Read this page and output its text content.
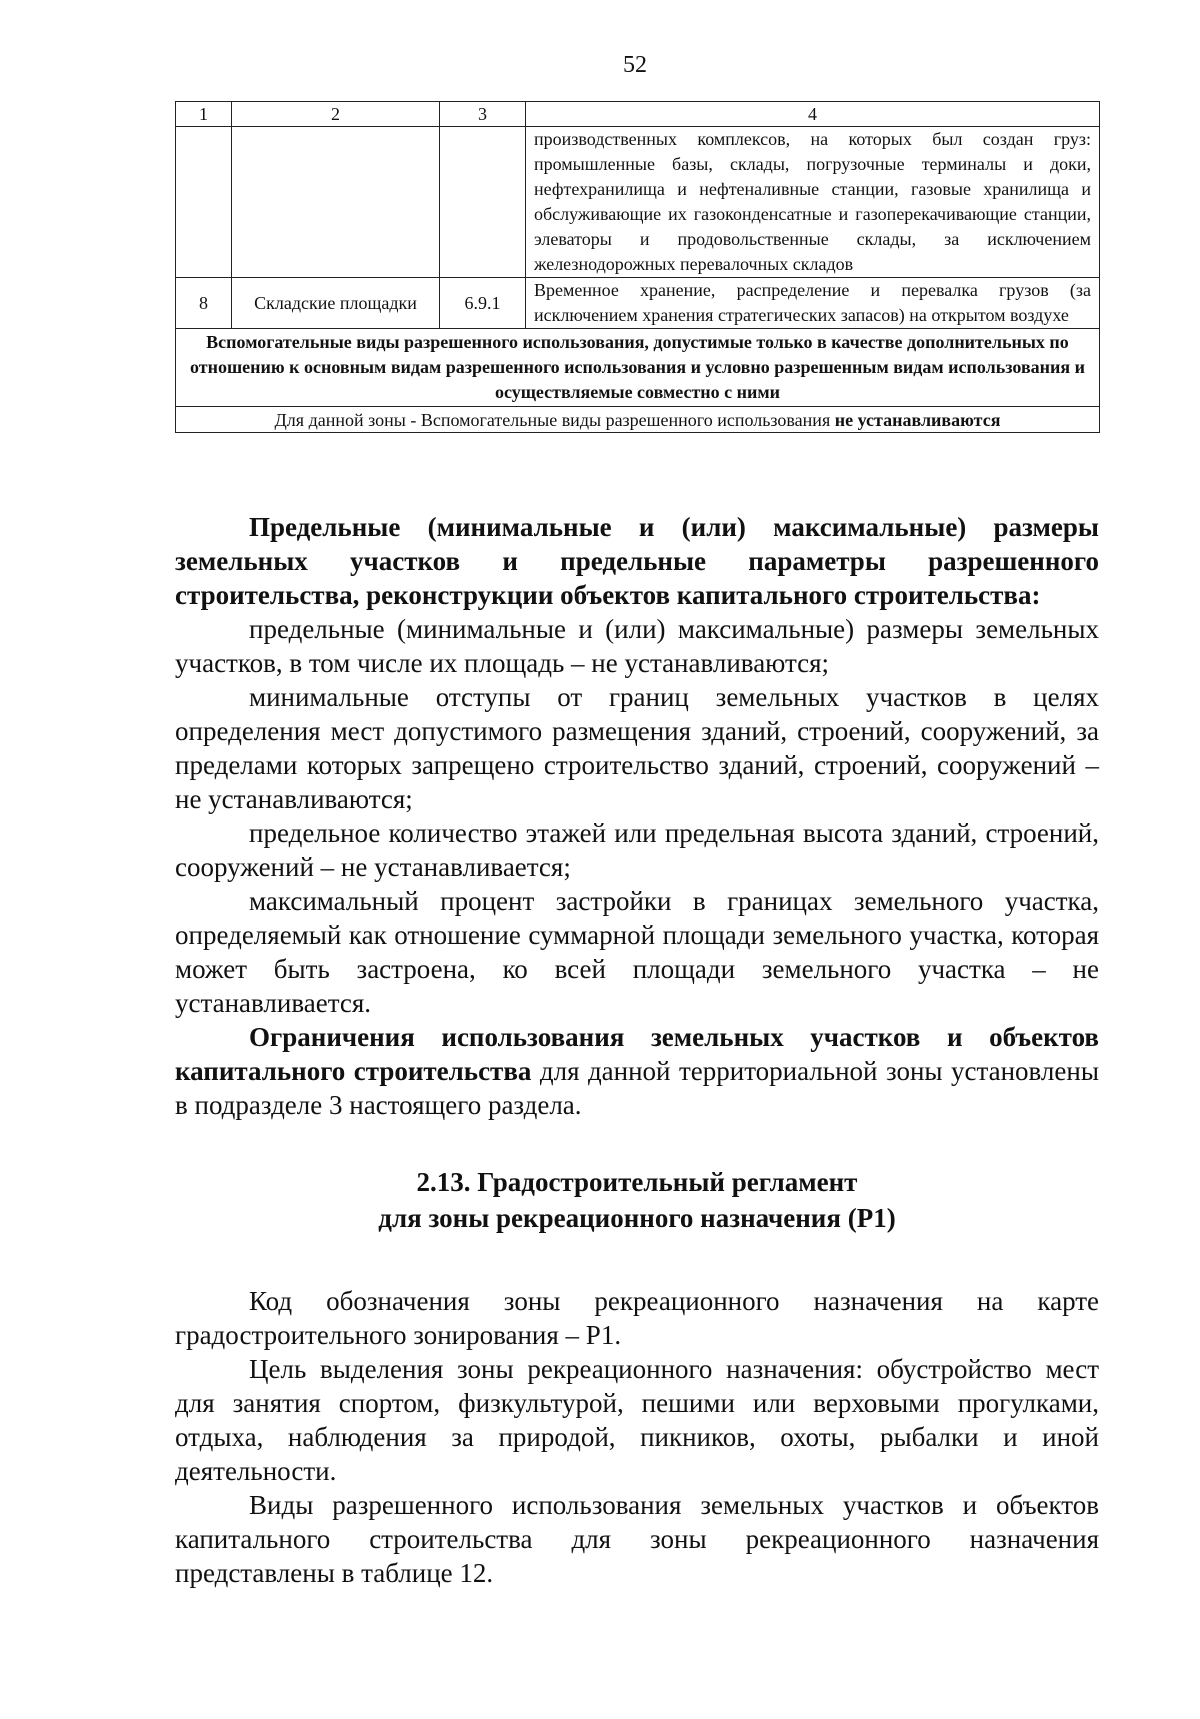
52
1	2	3	4
			производственных комплексов, на которых был создан груз: промышленные базы, склады, погрузочные терминалы и доки, нефтехранилища и нефтеналивные станции, газовые хранилища и обслуживающие их газоконденсатные и газоперекачивающие станции, элеваторы и продовольственные склады, за исключением железнодорожных перевалочных складов
8	Складские площадки	6.9.1	Временное хранение, распределение и перевалка грузов (за исключением хранения стратегических запасов) на открытом воздухе
Вспомогательные виды разрешенного использования, допустимые только в качестве дополнительных по отношению к основным видам разрешенного использования и условно разрешенным видам использования и осуществляемые совместно с ними			
Для данной зоны - Вспомогательные виды разрешенного использования не устанавливаются			

Предельные (минимальные и (или) максимальные) размеры земельных участков и предельные параметры разрешенного строительства, реконструкции объектов капитального строительства:

предельные (минимальные и (или) максимальные) размеры земельных участков, в том числе их площадь – не устанавливаются;

минимальные отступы от границ земельных участков в целях определения мест допустимого размещения зданий, строений, сооружений, за пределами которых запрещено строительство зданий, строений, сооружений – не устанавливаются;

предельное количество этажей или предельная высота зданий, строений, сооружений – не устанавливается;

максимальный процент застройки в границах земельного участка, определяемый как отношение суммарной площади земельного участка, которая может быть застроена, ко всей площади земельного участка – не устанавливается.

Ограничения использования земельных участков и объектов капитального строительства для данной территориальной зоны установлены в подразделе 3 настоящего раздела.

2.13. Градостроительный регламент
для зоны рекреационного назначения (Р1)

Код обозначения зоны рекреационного назначения на карте градостроительного зонирования – Р1.

Цель выделения зоны рекреационного назначения: обустройство мест для занятия спортом, физкультурой, пешими или верховыми прогулками, отдыха, наблюдения за природой, пикников, охоты, рыбалки и иной деятельности.

Виды разрешенного использования земельных участков и объектов капитального строительства для зоны рекреационного назначения представлены в таблице 12.
